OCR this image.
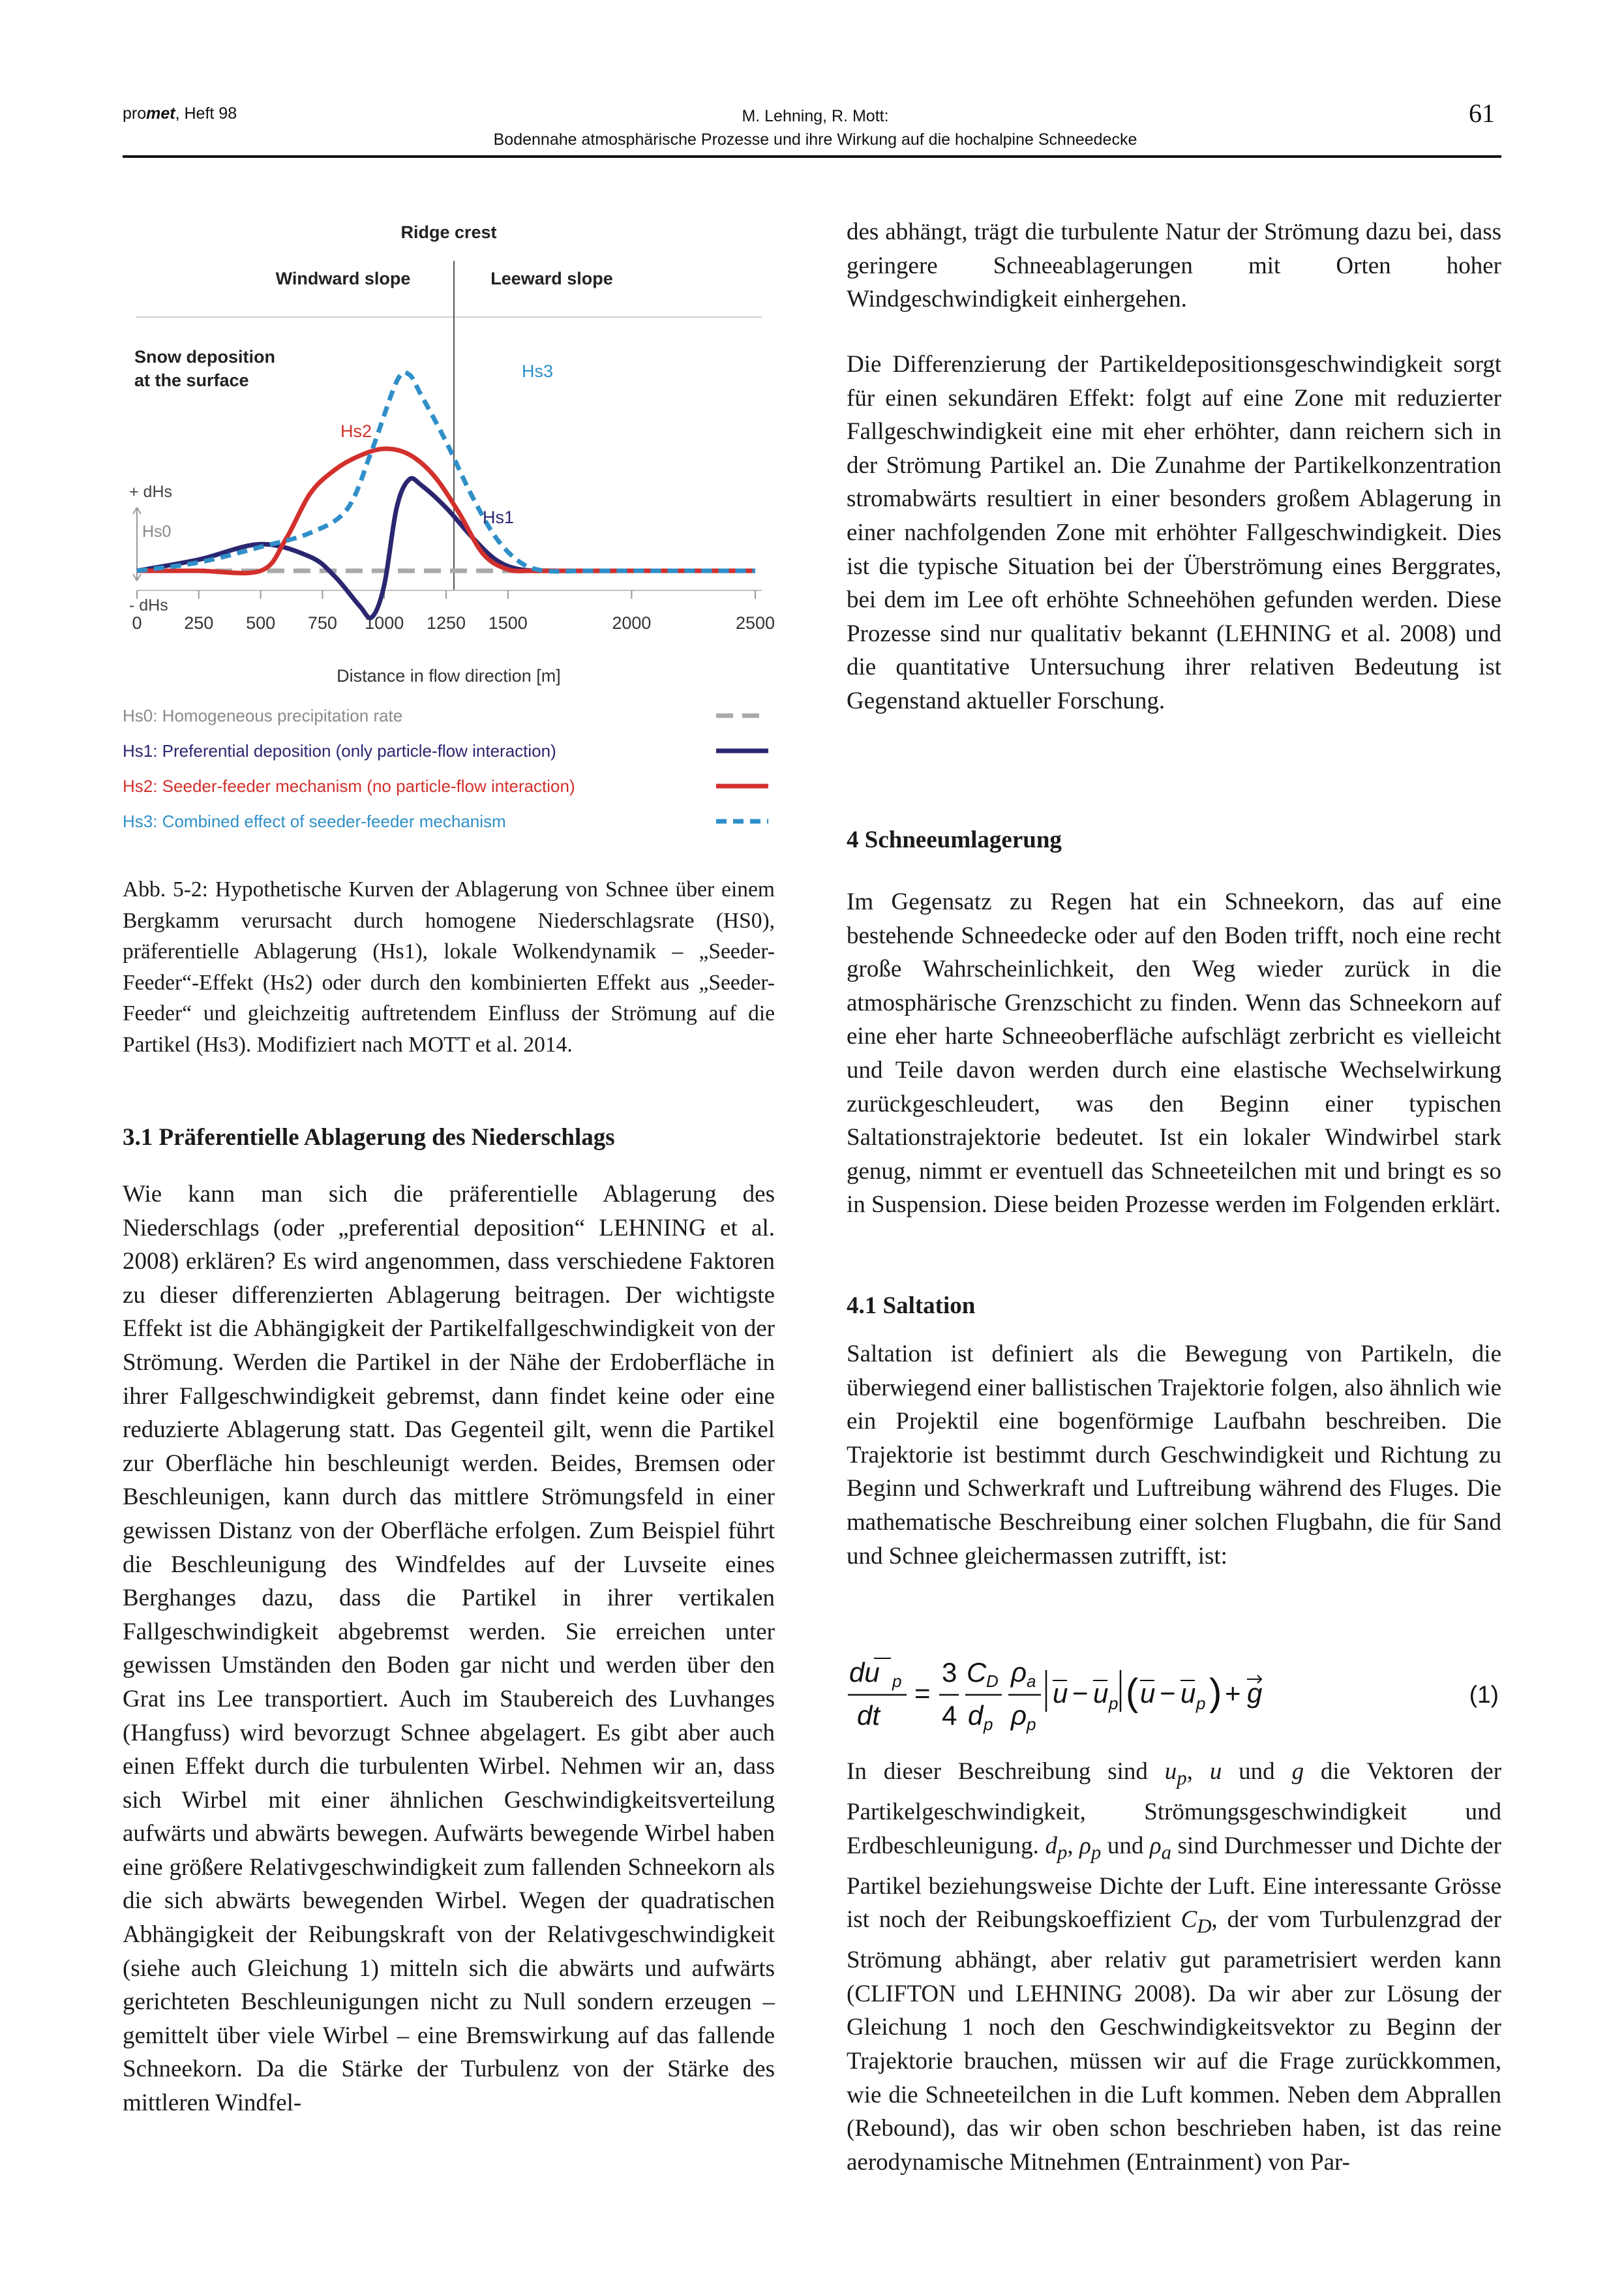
promet, Heft 98	M. Lehning, R. Mott:
Bodennahe atmosphärische Prozesse und ihre Wirkung auf die hochalpine Schneedecke
61
Ridge crest
Windward slope	Leeward slope
Snow deposition
at the surface
+ dHs
- dHs
Hs0
0 250 500 750 1000 1250 1500	2000	2500
Distance in flow direction [m]
Hs2
Hs3
Hs1
Hs0: Homogeneous precipitation rate
Hs1: Preferential deposition (only particle-flow interaction)
Hs2: Seeder-feeder mechanism (no particle-flow interaction)
Hs3: Combined effect of seeder-feeder mechanism
Abb. 5-2: Hypothetische Kurven der Ablagerung von Schnee über einem Bergkamm verursacht durch homogene Niederschlagsrate (HS0), präferentielle Ablagerung (Hs1), lokale Wolkendynamik – „Seeder-Feeder“-Effekt (Hs2) oder durch den kombinierten Effekt aus „Seeder-Feeder“ und gleichzeitig auftretendem Einfluss der Strömung auf die Partikel (Hs3). Modifiziert nach MOTT et al. 2014.
3.1 Präferentielle Ablagerung des Niederschlags
Wie kann man sich die präferentielle Ablagerung des Niederschlags (oder „preferential deposition“ LEHNING et al. 2008) erklären? Es wird angenommen, dass verschiedene Faktoren zu dieser differenzierten Ablagerung beitragen. Der wichtigste Effekt ist die Abhängigkeit der Partikelfallgeschwindigkeit von der Strömung. Werden die Partikel in der Nähe der Erdoberfläche in ihrer Fallgeschwindigkeit gebremst, dann findet keine oder eine reduzierte Ablagerung statt. Das Gegenteil gilt, wenn die Partikel zur Oberfläche hin beschleunigt werden. Beides, Bremsen oder Beschleunigen, kann durch das mittlere Strömungsfeld in einer gewissen Distanz von der Oberfläche erfolgen. Zum Beispiel führt die Beschleunigung des Windfeldes auf der Luvseite eines Berghanges dazu, dass die Partikel in ihrer vertikalen Fallgeschwindigkeit abgebremst werden. Sie erreichen unter gewissen Umständen den Boden gar nicht und werden über den Grat ins Lee transportiert. Auch im Staubereich des Luvhanges (Hangfuss) wird bevorzugt Schnee abgelagert. Es gibt aber auch einen Effekt durch die turbulenten Wirbel. Nehmen wir an, dass sich Wirbel mit einer ähnlichen Geschwindigkeitsverteilung aufwärts und abwärts bewegen. Aufwärts bewegende Wirbel haben eine größere Relativgeschwindigkeit zum fallenden Schneekorn als die sich abwärts bewegenden Wirbel. Wegen der quadratischen Abhängigkeit der Reibungskraft von der Relativgeschwindigkeit (siehe auch Gleichung 1) mitteln sich die abwärts und aufwärts gerichteten Beschleunigungen nicht zu Null sondern erzeugen – gemittelt über viele Wirbel – eine Bremswirkung auf das fallende Schneekorn. Da die Stärke der Turbulenz von der Stärke des mittleren Windfel-
des abhängt, trägt die turbulente Natur der Strömung dazu bei, dass geringere Schneeablagerungen mit Orten hoher Windgeschwindigkeit einhergehen.
Die Differenzierung der Partikeldepositionsgeschwindigkeit sorgt für einen sekundären Effekt: folgt auf eine Zone mit reduzierter Fallgeschwindigkeit eine mit eher erhöhter, dann reichern sich in der Strömung Partikel an. Die Zunahme der Partikelkonzentration stromabwärts resultiert in einer besonders großem Ablagerung in einer nachfolgenden Zone mit erhöhter Fallgeschwindigkeit. Dies ist die typische Situation bei der Überströmung eines Berggrates, bei dem im Lee oft erhöhte Schneehöhen gefunden werden. Diese Prozesse sind nur qualitativ bekannt (LEHNING et al. 2008) und die quantitative Untersuchung ihrer relativen Bedeutung ist Gegenstand aktueller Forschung.
4 Schneeumlagerung
Im Gegensatz zu Regen hat ein Schneekorn, das auf eine bestehende Schneedecke oder auf den Boden trifft, noch eine recht große Wahrscheinlichkeit, den Weg wieder zurück in die atmosphärische Grenzschicht zu finden. Wenn das Schneekorn auf eine eher harte Schneeoberfläche aufschlägt zerbricht es vielleicht und Teile davon werden durch eine elastische Wechselwirkung zurückgeschleudert, was den Beginn einer typischen Saltationstrajektorie bedeutet. Ist ein lokaler Windwirbel stark genug, nimmt er eventuell das Schneeteilchen mit und bringt es so in Suspension. Diese beiden Prozesse werden im Folgenden erklärt.
4.1 Saltation
Saltation ist definiert als die Bewegung von Partikeln, die überwiegend einer ballistischen Trajektorie folgen, also ähnlich wie ein Projektil eine bogenförmige Laufbahn beschreiben. Die Trajektorie ist bestimmt durch Geschwindigkeit und Richtung zu Beginn und Schwerkraft und Luftreibung während des Fluges. Die mathematische Beschreibung einer solchen Flugbahn, die für Sand und Schnee gleichermassen zutrifft, ist:
du p
dt
=
3
4
C D
d p
ρ a
ρ p
u − u p ( u − u p ) + g	(1)
In dieser Beschreibung sind $u_p$, u und g die Vektoren der Partikelgeschwindigkeit, Strömungsgeschwindigkeit und Erdbeschleunigung. $d_p$, $\rho_p$ und $\rho_a$ sind Durchmesser und Dichte der Partikel beziehungsweise Dichte der Luft. Eine interessante Grösse ist noch der Reibungskoeffizient $C_D$, der vom Turbulenzgrad der Strömung abhängt, aber relativ gut parametrisiert werden kann (CLIFTON und LEHNING 2008). Da wir aber zur Lösung der Gleichung 1 noch den Geschwindigkeitsvektor zu Beginn der Trajektorie brauchen, müssen wir auf die Frage zurückkommen, wie die Schneeteilchen in die Luft kommen. Neben dem Abprallen (Rebound), das wir oben schon beschrieben haben, ist das reine aerodynamische Mitnehmen (Entrainment) von Par-
